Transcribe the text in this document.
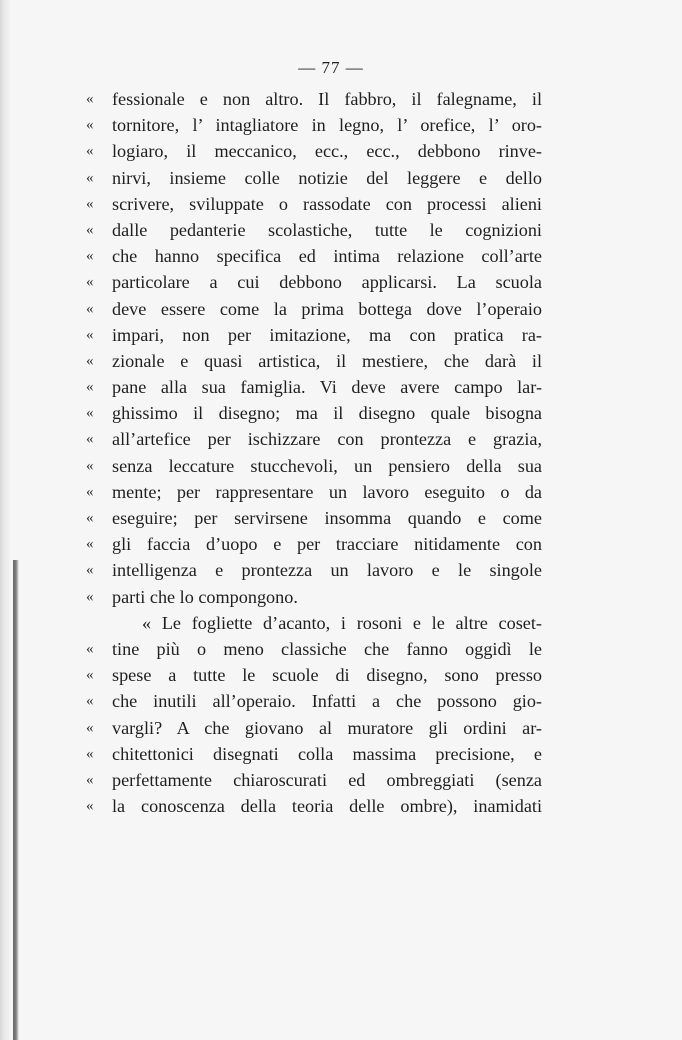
— 77 —
«	fessionale e non altro. Il fabbro, il falegname, il
«	tornitore, l’ intagliatore in legno, l’ orefice, l’ oro-
«	logiaro, il meccanico, ecc., ecc., debbono rinve-
«	nirvi, insieme colle notizie del leggere e dello
«	scrivere, sviluppate o rassodate con processi alieni
«	dalle pedanterie scolastiche, tutte le cognizioni
«	che hanno specifica ed intima relazione coll’arte
«	particolare a cui debbono applicarsi. La scuola
«	deve essere come la prima bottega dove l’operaio
«	impari, non per imitazione, ma con pratica ra-
«	zionale e quasi artistica, il mestiere, che darà il
«	pane alla sua famiglia. Vi deve avere campo lar-
«	ghissimo il disegno; ma il disegno quale bisogna
«	all’artefice per ischizzare con prontezza e grazia,
«	senza leccature stucchevoli, un pensiero della sua
«	mente; per rappresentare un lavoro eseguito o da
«	eseguire; per servirsene insomma quando e come
«	gli faccia d’uopo e per tracciare nitidamente con
«	intelligenza e prontezza un lavoro e le singole
«	parti che lo compongono.
« Le fogliette d’acanto, i rosoni e le altre coset-
«	tine più o meno classiche che fanno oggidì le
«	spese a tutte le scuole di disegno, sono presso
«	che inutili all’operaio. Infatti a che possono gio-
«	vargli? A che giovano al muratore gli ordini ar-
«	chitettonici disegnati colla massima precisione, e
«	perfettamente chiaroscurati ed ombreggiati (senza
«	la conoscenza della teoria delle ombre), inamidati
